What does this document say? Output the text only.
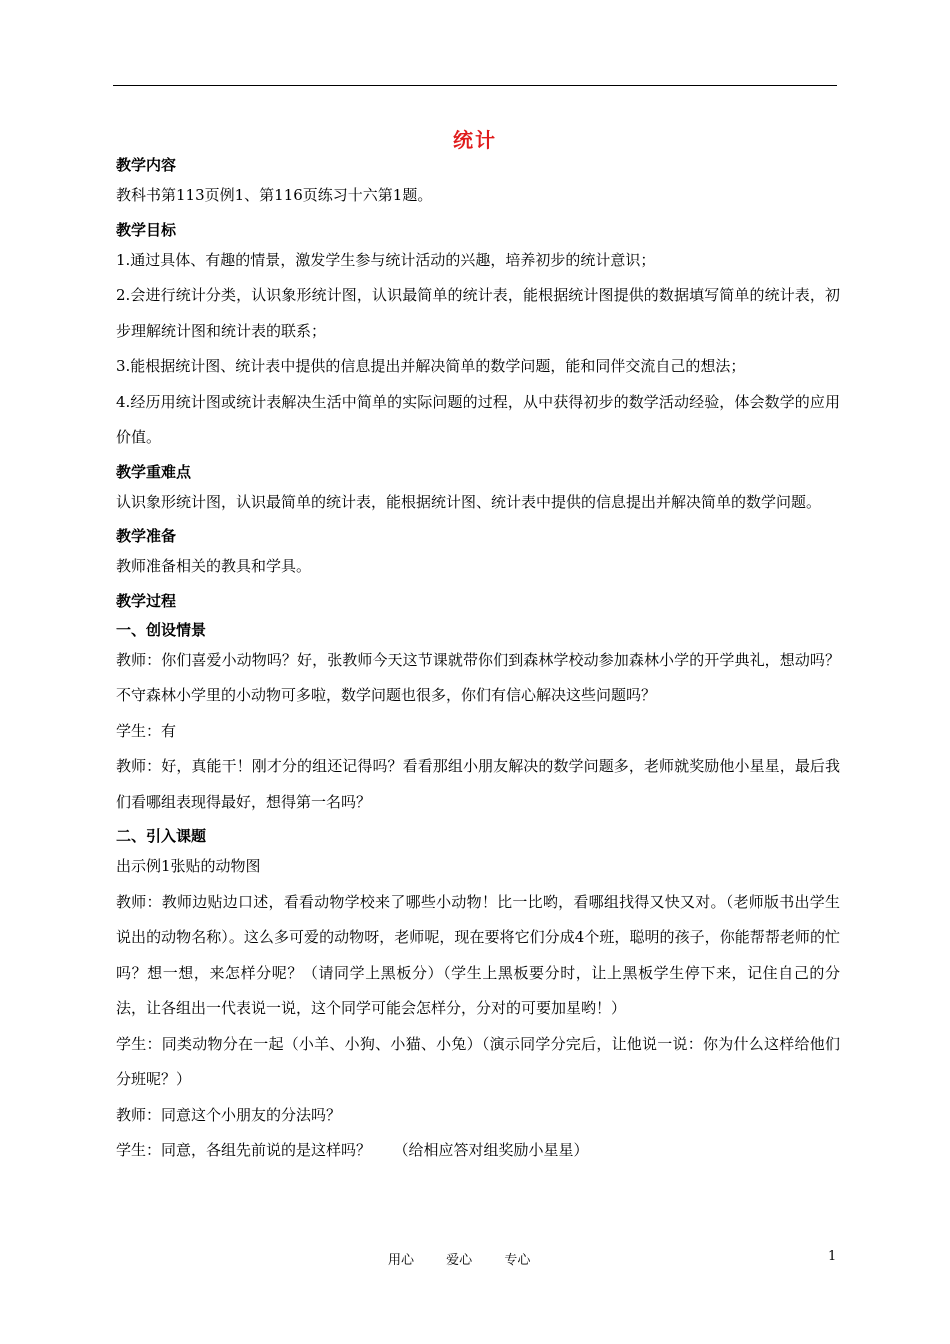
统计
教学内容
教科书第113页例1、第116页练习十六第1题。
教学目标
1.通过具体、有趣的情景，激发学生参与统计活动的兴趣，培养初步的统计意识；
2.会进行统计分类，认识象形统计图，认识最简单的统计表，能根据统计图提供的数据填写简单的统计表，初步理解统计图和统计表的联系；
3.能根据统计图、统计表中提供的信息提出并解决简单的数学问题，能和同伴交流自己的想法；
4.经历用统计图或统计表解决生活中简单的实际问题的过程，从中获得初步的数学活动经验，体会数学的应用价值。
教学重难点
认识象形统计图，认识最简单的统计表，能根据统计图、统计表中提供的信息提出并解决简单的数学问题。
教学准备
教师准备相关的教具和学具。
教学过程
一、创设情景
教师：你们喜爱小动物吗？好，张教师今天这节课就带你们到森林学校动参加森林小学的开学典礼，想动吗？不守森林小学里的小动物可多啦，数学问题也很多，你们有信心解决这些问题吗？
学生：有
教师：好，真能干！刚才分的组还记得吗？看看那组小朋友解决的数学问题多，老师就奖励他小星星，最后我们看哪组表现得最好，想得第一名吗？
二、引入课题
出示例1张贴的动物图
教师：教师边贴边口述，看看动物学校来了哪些小动物！比一比哟，看哪组找得又快又对。（老师版书出学生说出的动物名称）。这么多可爱的动物呀，老师呢，现在要将它们分成4个班，聪明的孩子，你能帮帮老师的忙吗？想一想，来怎样分呢？（请同学上黑板分）（学生上黑板要分时，让上黑板学生停下来，记住自己的分法，让各组出一代表说一说，这个同学可能会怎样分，分对的可要加星哟！）
学生：同类动物分在一起（小羊、小狗、小猫、小兔）（演示同学分完后，让他说一说：你为什么这样给他们分班呢？）
教师：同意这个小朋友的分法吗？
学生：同意，各组先前说的是这样吗？　　（给相应答对组奖励小星星）
用心 爱心 专心	1
